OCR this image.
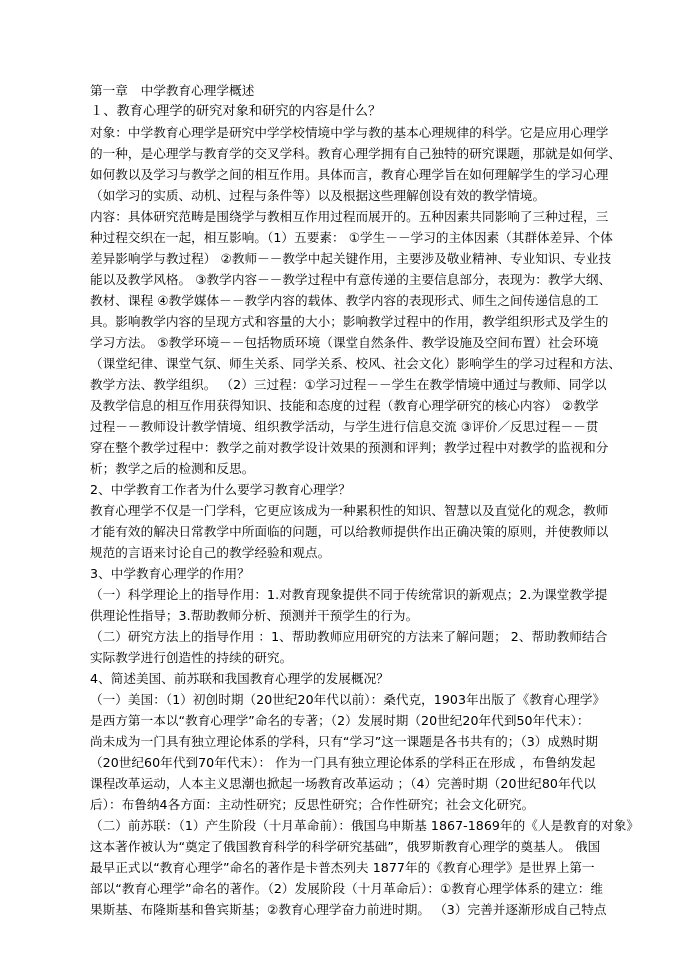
第一章　中学教育心理学概述
１、教育心理学的研究对象和研究的内容是什么？
对象：中学教育心理学是研究中学学校情境中学与教的基本心理规律的科学。它是应用心理学
的一种，是心理学与教育学的交叉学科。教育心理学拥有自己独特的研究课题，那就是如何学、
如何教以及学习与教学之间的相互作用。具体而言，教育心理学旨在如何理解学生的学习心理
（如学习的实质、动机、过程与条件等）以及根据这些理解创设有效的教学情境。
内容：具体研究范畴是围绕学与教相互作用过程而展开的。五种因素共同影响了三种过程，三
种过程交织在一起，相互影响。（1）五要素： ①学生－－学习的主体因素（其群体差异、个体
差异影响学与教过程） ②教师－－教学中起关键作用，主要涉及敬业精神、专业知识、专业技
能以及教学风格。 ③教学内容－－教学过程中有意传递的主要信息部分，表现为：教学大纲、
教材、课程 ④教学媒体－－教学内容的载体、教学内容的表现形式、师生之间传递信息的工
具。影响教学内容的呈现方式和容量的大小；影响教学过程中的作用，教学组织形式及学生的
学习方法。 ⑤教学环境－－包括物质环境（课堂自然条件、教学设施及空间布置）社会环境
（课堂纪律、课堂气氛、师生关系、同学关系、校风、社会文化）影响学生的学习过程和方法、
教学方法、教学组织。 （2）三过程：①学习过程－－学生在教学情境中通过与教师、同学以
及教学信息的相互作用获得知识、技能和态度的过程（教育心理学研究的核心内容） ②教学
过程－－教师设计教学情境、组织教学活动，与学生进行信息交流 ③评价／反思过程－－贯
穿在整个教学过程中：教学之前对教学设计效果的预测和评判；教学过程中对教学的监视和分
析；教学之后的检测和反思。
2、中学教育工作者为什么要学习教育心理学？
教育心理学不仅是一门学科，它更应该成为一种累积性的知识、智慧以及直觉化的观念，教师
才能有效的解决日常教学中所面临的问题，可以给教师提供作出正确决策的原则，并使教师以
规范的言语来讨论自己的教学经验和观点。
3、中学教育心理学的作用？
（一）科学理论上的指导作用：1.对教育现象提供不同于传统常识的新观点；2.为课堂教学提
供理论性指导；3.帮助教师分析、预测并干预学生的行为。
（二）研究方法上的指导作用 ：1、帮助教师应用研究的方法来了解问题； 2、帮助教师结合
实际教学进行创造性的持续的研究。
4、简述美国、前苏联和我国教育心理学的发展概况？
（一）美国：（1）初创时期（20世纪20年代以前）：桑代克，1903年出版了《教育心理学》
是西方第一本以“教育心理学”命名的专著；（2）发展时期（20世纪20年代到50年代末）：
尚未成为一门具有独立理论体系的学科，只有“学习”这一课题是各书共有的；（3）成熟时期
（20世纪60年代到70年代末）： 作为一门具有独立理论体系的学科正在形成 ，布鲁纳发起
课程改革运动，人本主义思潮也掀起一场教育改革运动 ；（4）完善时期（20世纪80年代以
后）：布鲁纳4各方面：主动性研究；反思性研究；合作性研究；社会文化研究。
（二）前苏联：（1）产生阶段（十月革命前）：俄国乌申斯基 1867-1869年的《人是教育的对象》
这本著作被认为“奠定了俄国教育科学的科学研究基础”，俄罗斯教育心理学的奠基人。 俄国
最早正式以“教育心理学”命名的著作是卡普杰列夫 1877年的《教育心理学》是世界上第一
部以“教育心理学”命名的著作。（2）发展阶段（十月革命后）：①教育心理学体系的建立：维
果斯基、布隆斯基和鲁宾斯基；②教育心理学奋力前进时期。 （3）完善并逐渐形成自己特点
